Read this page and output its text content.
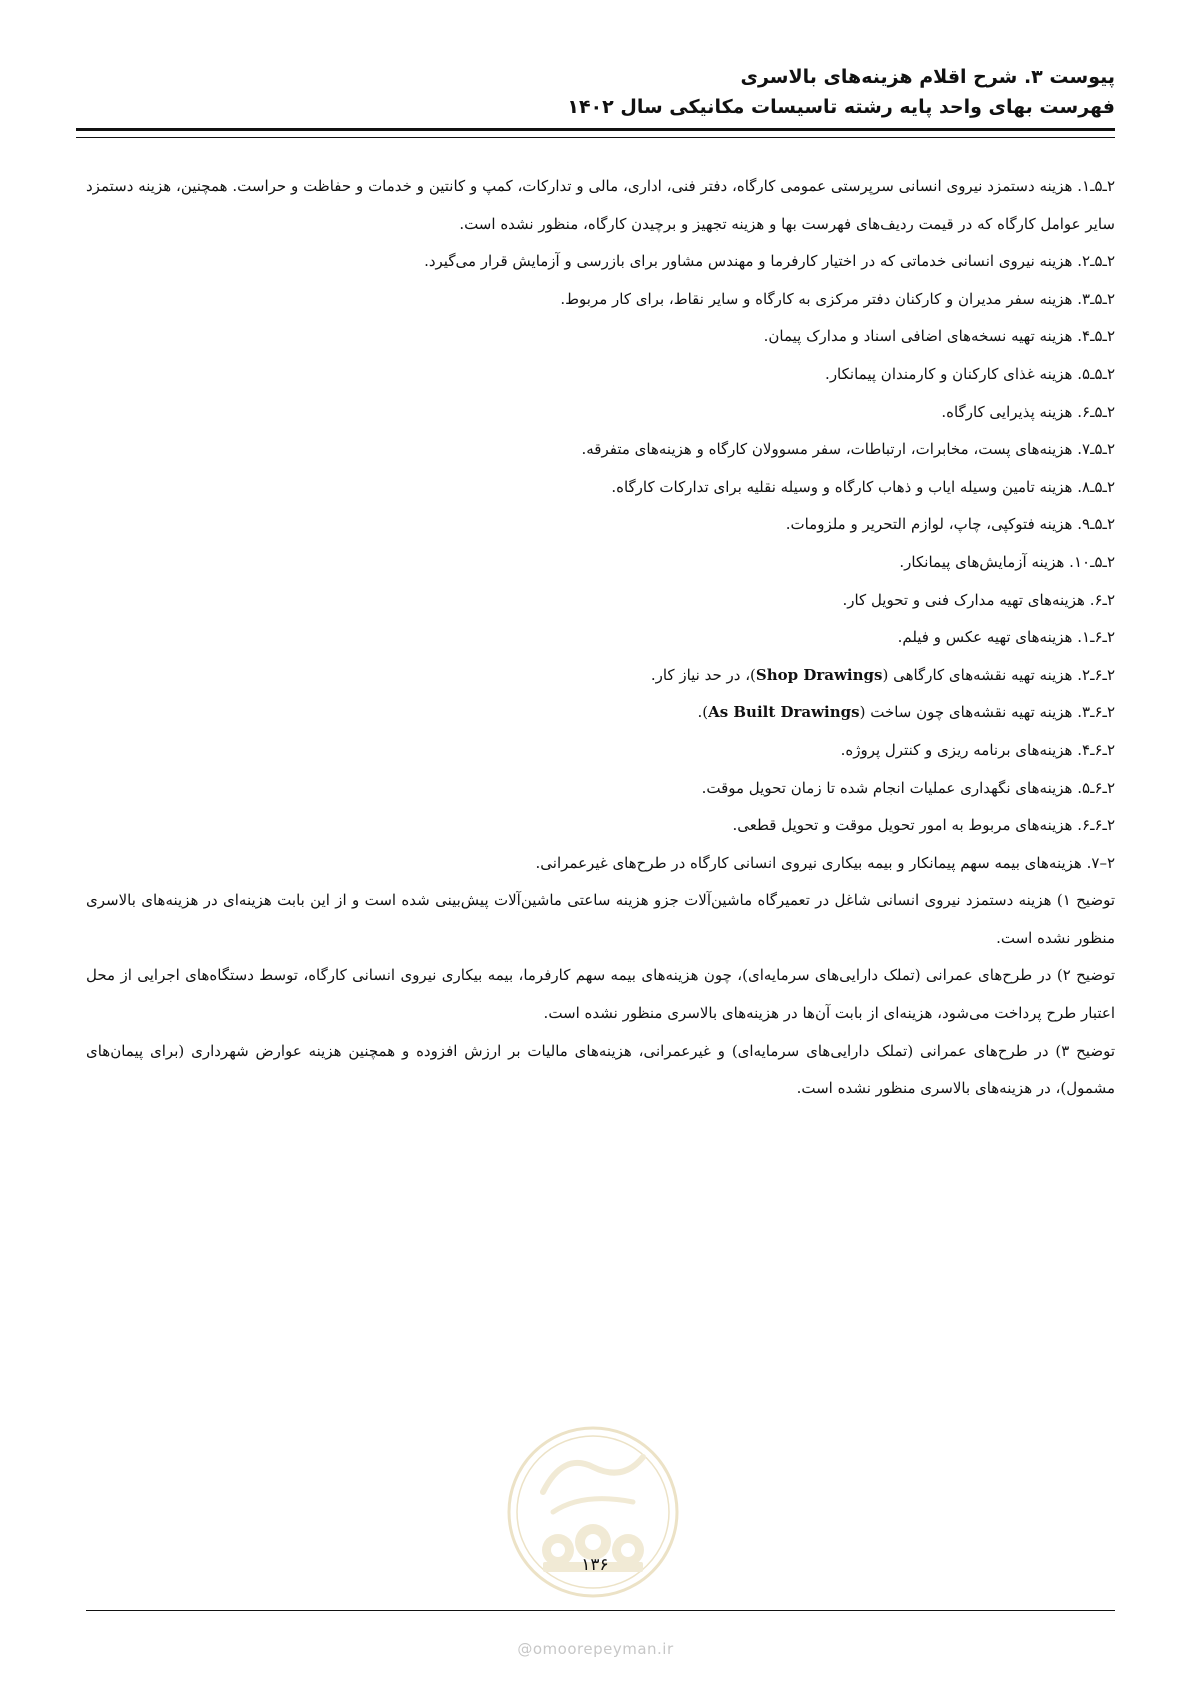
پیوست ۳. شرح اقلام هزینه‌های بالاسری
فهرست بهای واحد پایه رشته تاسیسات مکانیکی سال ۱۴۰۲

۲ـ۵ـ۱. هزینه دستمزد نیروی انسانی سرپرستی عمومی کارگاه، دفتر فنی، اداری، مالی و تدارکات، کمپ و کانتین و خدمات و حفاظت و حراست. همچنین، هزینه دستمزد سایر عوامل کارگاه که در قیمت ردیف‌های فهرست بها و هزینه تجهیز و برچیدن کارگاه، منظور نشده است.

۲ـ۵ـ۲. هزینه نیروی انسانی خدماتی که در اختیار کارفرما و مهندس مشاور برای بازرسی و آزمایش قرار می‌گیرد.

۲ـ۵ـ۳. هزینه سفر مدیران و کارکنان دفتر مرکزی به کارگاه و سایر نقاط، برای کار مربوط.

۲ـ۵ـ۴. هزینه تهیه نسخه‌های اضافی اسناد و مدارک پیمان.

۲ـ۵ـ۵. هزینه غذای کارکنان و کارمندان پیمانکار.

۲ـ۵ـ۶. هزینه پذیرایی کارگاه.

۲ـ۵ـ۷. هزینه‌های پست، مخابرات، ارتباطات، سفر مسوولان کارگاه و هزینه‌های متفرقه.

۲ـ۵ـ۸. هزینه تامین وسیله ایاب و ذهاب کارگاه و وسیله نقلیه برای تدارکات کارگاه.

۲ـ۵ـ۹. هزینه فتوکپی، چاپ، لوازم التحریر و ملزومات.

۲ـ۵ـ۱۰. هزینه آزمایش‌های پیمانکار.

۲ـ۶. هزینه‌های تهیه مدارک فنی و تحویل کار.

۲ـ۶ـ۱. هزینه‌های تهیه عکس و فیلم.

۲ـ۶ـ۲. هزینه تهیه نقشه‌های کارگاهی (Shop Drawings)، در حد نیاز کار.

۲ـ۶ـ۳. هزینه تهیه نقشه‌های چون ساخت (As Built Drawings).

۲ـ۶ـ۴. هزینه‌های برنامه ریزی و کنترل پروژه.

۲ـ۶ـ۵. هزینه‌های نگهداری عملیات انجام شده تا زمان تحویل موقت.

۲ـ۶ـ۶. هزینه‌های مربوط به امور تحویل موقت و تحویل قطعی.

۲–۷. هزینه‌های بیمه سهم پیمانکار و بیمه بیکاری نیروی انسانی کارگاه در طرح‌های غیرعمرانی.

توضیح ۱) هزینه دستمزد نیروی انسانی شاغل در تعمیرگاه ماشین‌آلات جزو هزینه ساعتی ماشین‌آلات پیش‌بینی شده است و از این بابت هزینه‌ای در هزینه‌های بالاسری منظور نشده است.

توضیح ۲) در طرح‌های عمرانی (تملک دارایی‌های سرمایه‌ای)، چون هزینه‌های بیمه سهم کارفرما، بیمه بیکاری نیروی انسانی کارگاه، توسط دستگاه‌های اجرایی از محل اعتبار طرح پرداخت می‌شود، هزینه‌ای از بابت آن‌ها در هزینه‌های بالاسری منظور نشده است.

توضیح ۳) در طرح‌های عمرانی (تملک دارایی‌های سرمایه‌ای) و غیرعمرانی، هزینه‌های مالیات بر ارزش افزوده و همچنین هزینه عوارض شهرداری (برای پیمان‌های مشمول)، در هزینه‌های بالاسری منظور نشده است.

۱۳۶
@omoorepeyman.ir
